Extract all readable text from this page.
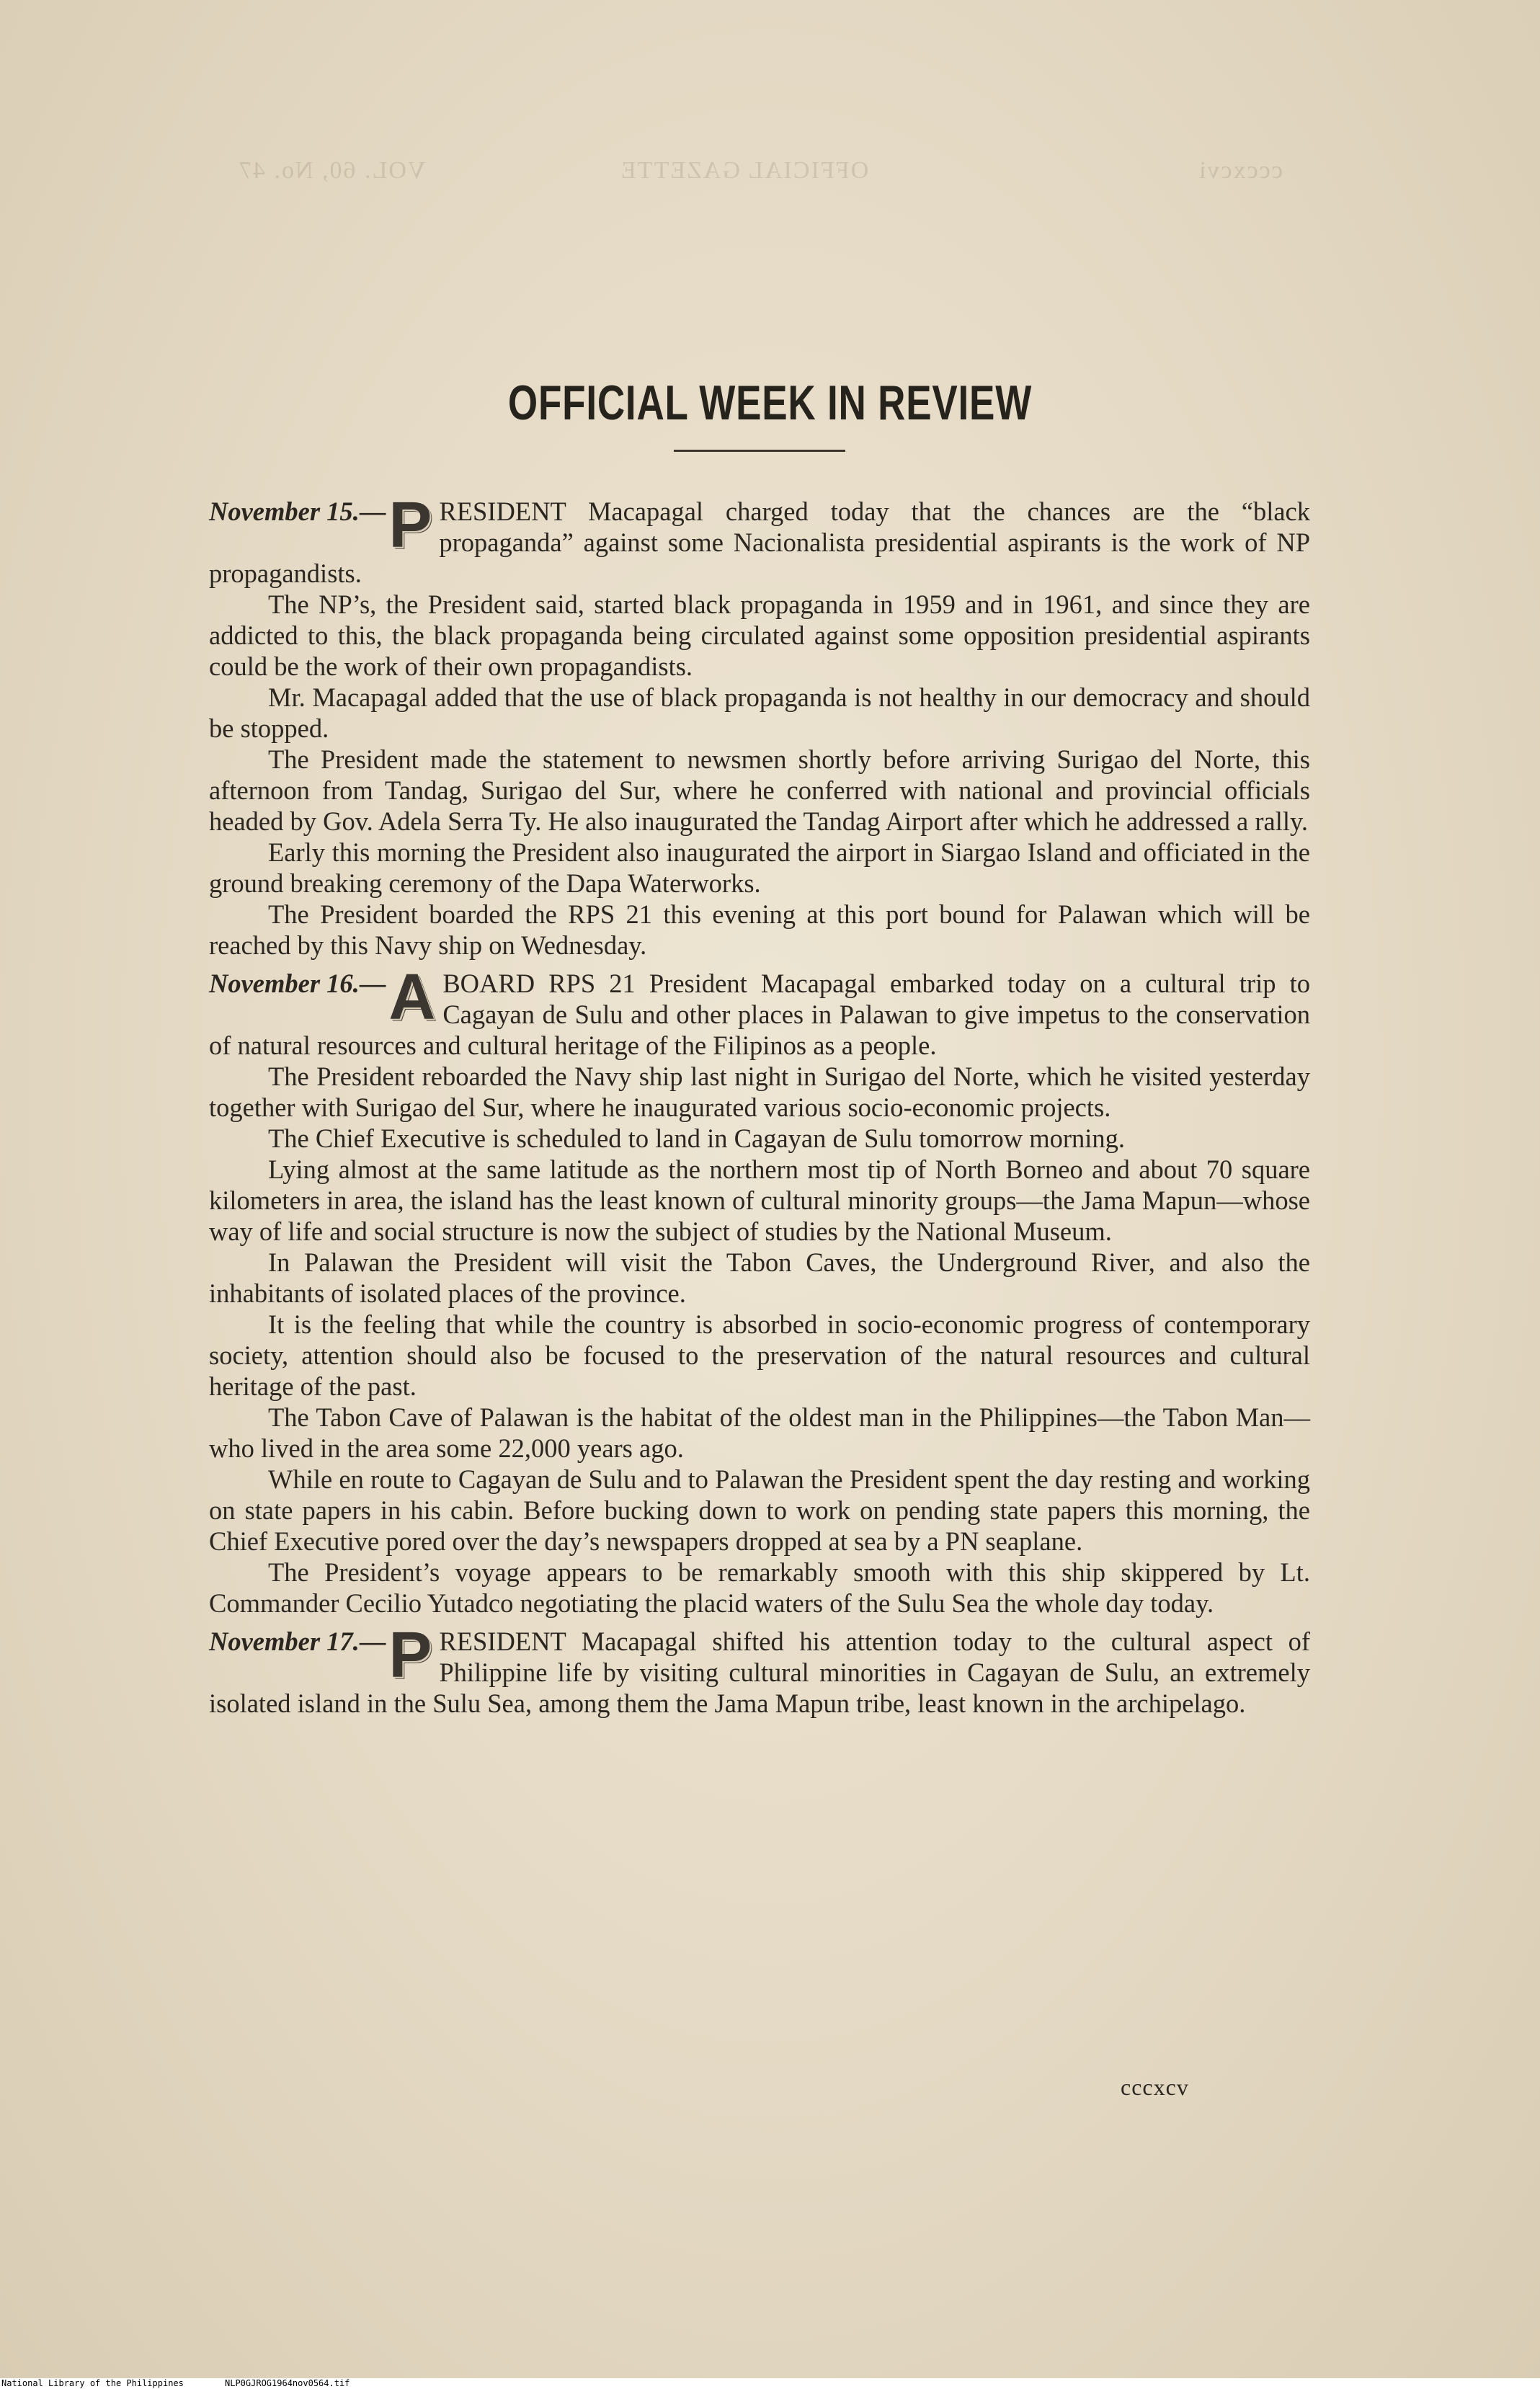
cccxcvi
OFFICIAL GAZETTE
VOL. 60, No. 47
OFFICIAL WEEK IN REVIEW

November 15.— P RESIDENT Macapagal charged today that the chances are the “black propaganda” against some Nacionalista presidential aspirants is the work of NP propagandists.

The NP’s, the President said, started black propaganda in 1959 and in 1961, and since they are addicted to this, the black propaganda being circulated against some opposition presidential aspirants could be the work of their own propagandists.

Mr. Macapagal added that the use of black propaganda is not healthy in our democracy and should be stopped.

The President made the statement to newsmen shortly before arriving Surigao del Norte, this afternoon from Tandag, Surigao del Sur, where he conferred with national and provincial officials headed by Gov. Adela Serra Ty. He also inaugurated the Tandag Airport after which he addressed a rally.

Early this morning the President also inaugurated the airport in Siargao Island and officiated in the ground breaking ceremony of the Dapa Waterworks.

The President boarded the RPS 21 this evening at this port bound for Palawan which will be reached by this Navy ship on Wednesday.

November 16.— A BOARD RPS 21 President Macapagal embarked today on a cultural trip to Cagayan de Sulu and other places in Palawan to give impetus to the conservation of natural resources and cultural heritage of the Filipinos as a people.

The President reboarded the Navy ship last night in Surigao del Norte, which he visited yesterday together with Surigao del Sur, where he inaugurated various socio-economic projects.

The Chief Executive is scheduled to land in Cagayan de Sulu tomorrow morning.

Lying almost at the same latitude as the northern most tip of North Borneo and about 70 square kilometers in area, the island has the least known of cultural minority groups—the Jama Mapun—whose way of life and social structure is now the subject of studies by the National Museum.

In Palawan the President will visit the Tabon Caves, the Underground River, and also the inhabitants of isolated places of the province.

It is the feeling that while the country is absorbed in socio-economic progress of contemporary society, attention should also be focused to the preservation of the natural resources and cultural heritage of the past.

The Tabon Cave of Palawan is the habitat of the oldest man in the Philippines—the Tabon Man—who lived in the area some 22,000 years ago.

While en route to Cagayan de Sulu and to Palawan the President spent the day resting and working on state papers in his cabin. Before bucking down to work on pending state papers this morning, the Chief Executive pored over the day’s newspapers dropped at sea by a PN seaplane.

The President’s voyage appears to be remarkably smooth with this ship skippered by Lt. Commander Cecilio Yutadco negotiating the placid waters of the Sulu Sea the whole day today.

November 17.— P RESIDENT Macapagal shifted his attention today to the cultural aspect of Philippine life by visiting cultural minorities in Cagayan de Sulu, an extremely isolated island in the Sulu Sea, among them the Jama Mapun tribe, least known in the archipelago.

cccxcv
National Library of the Philippines	NLP0GJROG1964nov0564.tif
